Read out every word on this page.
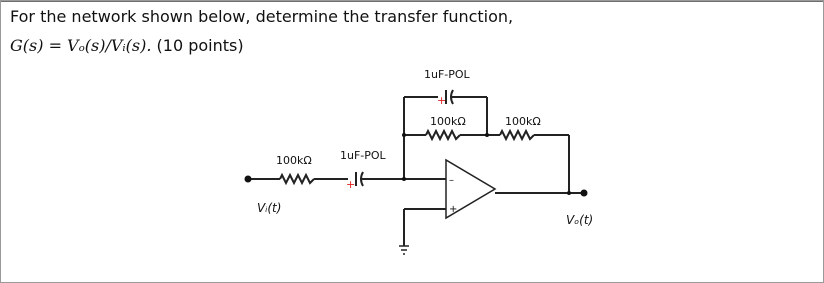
For the network shown below, determine the transfer function,
G(s) = Vₒ(s)/Vᵢ(s). (10 points)
1uF-POL
+
100kΩ	100kΩ
100kΩ	1uF-POL
+	–
+
Vᵢ(t)
Vₒ(t)
